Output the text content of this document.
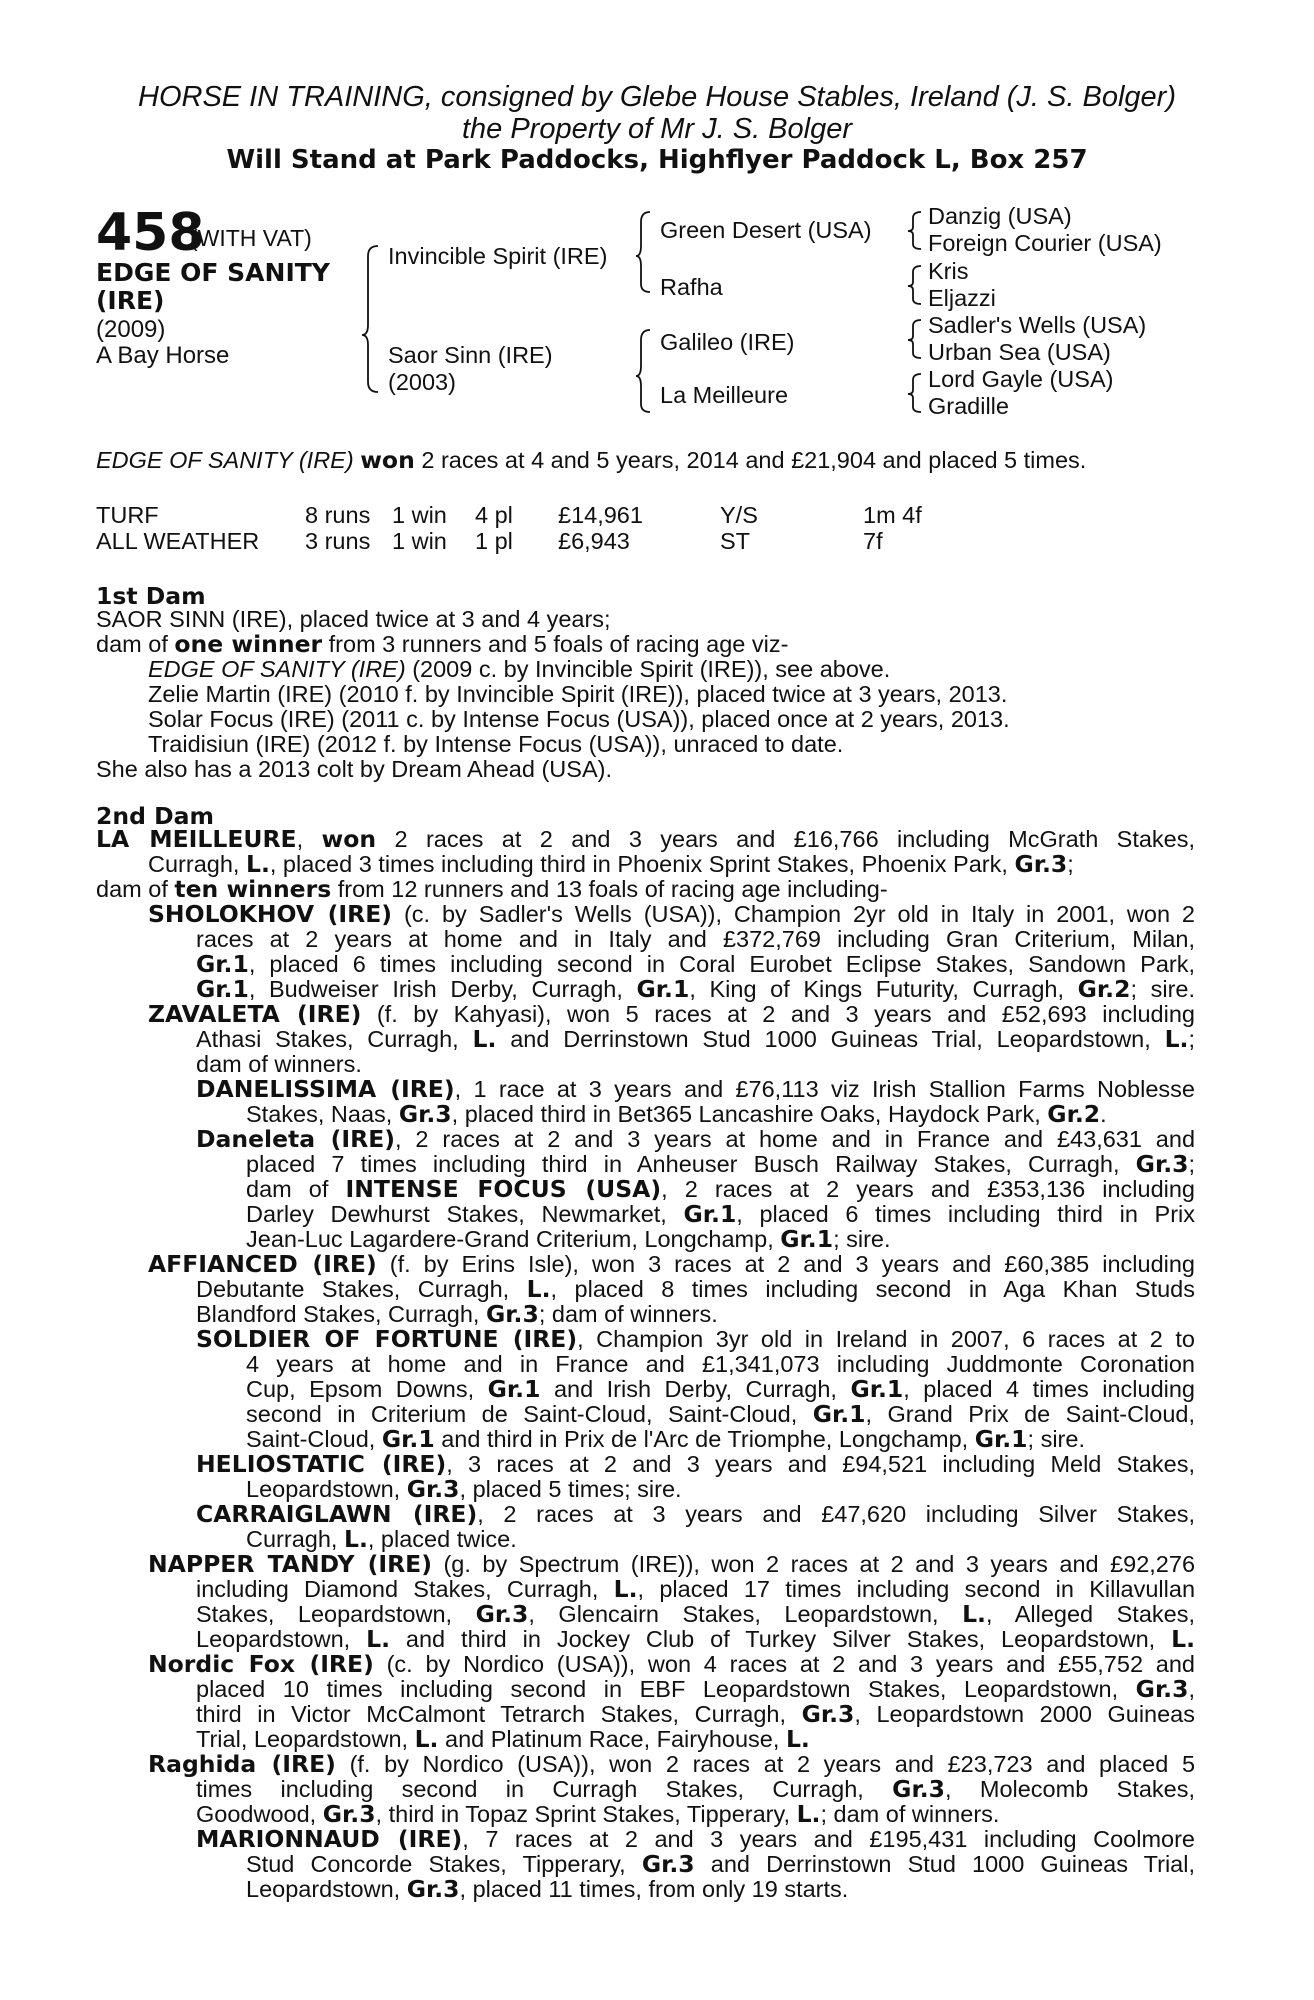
HORSE IN TRAINING, consigned by Glebe House Stables, Ireland (J. S. Bolger)
the Property of Mr J. S. Bolger
Will Stand at Park Paddocks, Highflyer Paddock L, Box 257
458
(WITH VAT)
EDGE OF SANITY
(IRE)
(2009)
A Bay Horse
Invincible Spirit (IRE)
Saor Sinn (IRE)
(2003)
Green Desert (USA)
Rafha
Galileo (IRE)
La Meilleure
Danzig (USA)
Foreign Courier (USA)
Kris
Eljazzi
Sadler's Wells (USA)
Urban Sea (USA)
Lord Gayle (USA)
Gradille
EDGE OF SANITY (IRE) won 2 races at 4 and 5 years, 2014 and £21,904 and placed 5 times.
TURF	8 runs 1 win 4 pl £14,961	Y/S	1m 4f
ALL WEATHER 3 runs 1 win 1 pl £6,943	ST	7f
1st Dam
SAOR SINN (IRE), placed twice at 3 and 4 years;
dam of one winner from 3 runners and 5 foals of racing age viz-
EDGE OF SANITY (IRE) (2009 c. by Invincible Spirit (IRE)), see above.
Zelie Martin (IRE) (2010 f. by Invincible Spirit (IRE)), placed twice at 3 years, 2013.
Solar Focus (IRE) (2011 c. by Intense Focus (USA)), placed once at 2 years, 2013.
Traidisiun (IRE) (2012 f. by Intense Focus (USA)), unraced to date.
She also has a 2013 colt by Dream Ahead (USA).
2nd Dam
LA MEILLEURE, won 2 races at 2 and 3 years and £16,766 including McGrath Stakes,
Curragh, L., placed 3 times including third in Phoenix Sprint Stakes, Phoenix Park, Gr.3;
dam of ten winners from 12 runners and 13 foals of racing age including-
SHOLOKHOV (IRE) (c. by Sadler's Wells (USA)), Champion 2yr old in Italy in 2001, won 2
races at 2 years at home and in Italy and £372,769 including Gran Criterium, Milan,
Gr.1, placed 6 times including second in Coral Eurobet Eclipse Stakes, Sandown Park,
Gr.1, Budweiser Irish Derby, Curragh, Gr.1, King of Kings Futurity, Curragh, Gr.2; sire.
ZAVALETA (IRE) (f. by Kahyasi), won 5 races at 2 and 3 years and £52,693 including
Athasi Stakes, Curragh, L. and Derrinstown Stud 1000 Guineas Trial, Leopardstown, L.;
dam of winners.
DANELISSIMA (IRE), 1 race at 3 years and £76,113 viz Irish Stallion Farms Noblesse
Stakes, Naas, Gr.3, placed third in Bet365 Lancashire Oaks, Haydock Park, Gr.2.
Daneleta (IRE), 2 races at 2 and 3 years at home and in France and £43,631 and
placed 7 times including third in Anheuser Busch Railway Stakes, Curragh, Gr.3;
dam of INTENSE FOCUS (USA), 2 races at 2 years and £353,136 including
Darley Dewhurst Stakes, Newmarket, Gr.1, placed 6 times including third in Prix
Jean-Luc Lagardere-Grand Criterium, Longchamp, Gr.1; sire.
AFFIANCED (IRE) (f. by Erins Isle), won 3 races at 2 and 3 years and £60,385 including
Debutante Stakes, Curragh, L., placed 8 times including second in Aga Khan Studs
Blandford Stakes, Curragh, Gr.3; dam of winners.
SOLDIER OF FORTUNE (IRE), Champion 3yr old in Ireland in 2007, 6 races at 2 to
4 years at home and in France and £1,341,073 including Juddmonte Coronation
Cup, Epsom Downs, Gr.1 and Irish Derby, Curragh, Gr.1, placed 4 times including
second in Criterium de Saint-Cloud, Saint-Cloud, Gr.1, Grand Prix de Saint-Cloud,
Saint-Cloud, Gr.1 and third in Prix de l'Arc de Triomphe, Longchamp, Gr.1; sire.
HELIOSTATIC (IRE), 3 races at 2 and 3 years and £94,521 including Meld Stakes,
Leopardstown, Gr.3, placed 5 times; sire.
CARRAIGLAWN (IRE), 2 races at 3 years and £47,620 including Silver Stakes,
Curragh, L., placed twice.
NAPPER TANDY (IRE) (g. by Spectrum (IRE)), won 2 races at 2 and 3 years and £92,276
including Diamond Stakes, Curragh, L., placed 17 times including second in Killavullan
Stakes, Leopardstown, Gr.3, Glencairn Stakes, Leopardstown, L., Alleged Stakes,
Leopardstown, L. and third in Jockey Club of Turkey Silver Stakes, Leopardstown, L.
Nordic Fox (IRE) (c. by Nordico (USA)), won 4 races at 2 and 3 years and £55,752 and
placed 10 times including second in EBF Leopardstown Stakes, Leopardstown, Gr.3,
third in Victor McCalmont Tetrarch Stakes, Curragh, Gr.3, Leopardstown 2000 Guineas
Trial, Leopardstown, L. and Platinum Race, Fairyhouse, L.
Raghida (IRE) (f. by Nordico (USA)), won 2 races at 2 years and £23,723 and placed 5
times including second in Curragh Stakes, Curragh, Gr.3, Molecomb Stakes,
Goodwood, Gr.3, third in Topaz Sprint Stakes, Tipperary, L.; dam of winners.
MARIONNAUD (IRE), 7 races at 2 and 3 years and £195,431 including Coolmore
Stud Concorde Stakes, Tipperary, Gr.3 and Derrinstown Stud 1000 Guineas Trial,
Leopardstown, Gr.3, placed 11 times, from only 19 starts.
